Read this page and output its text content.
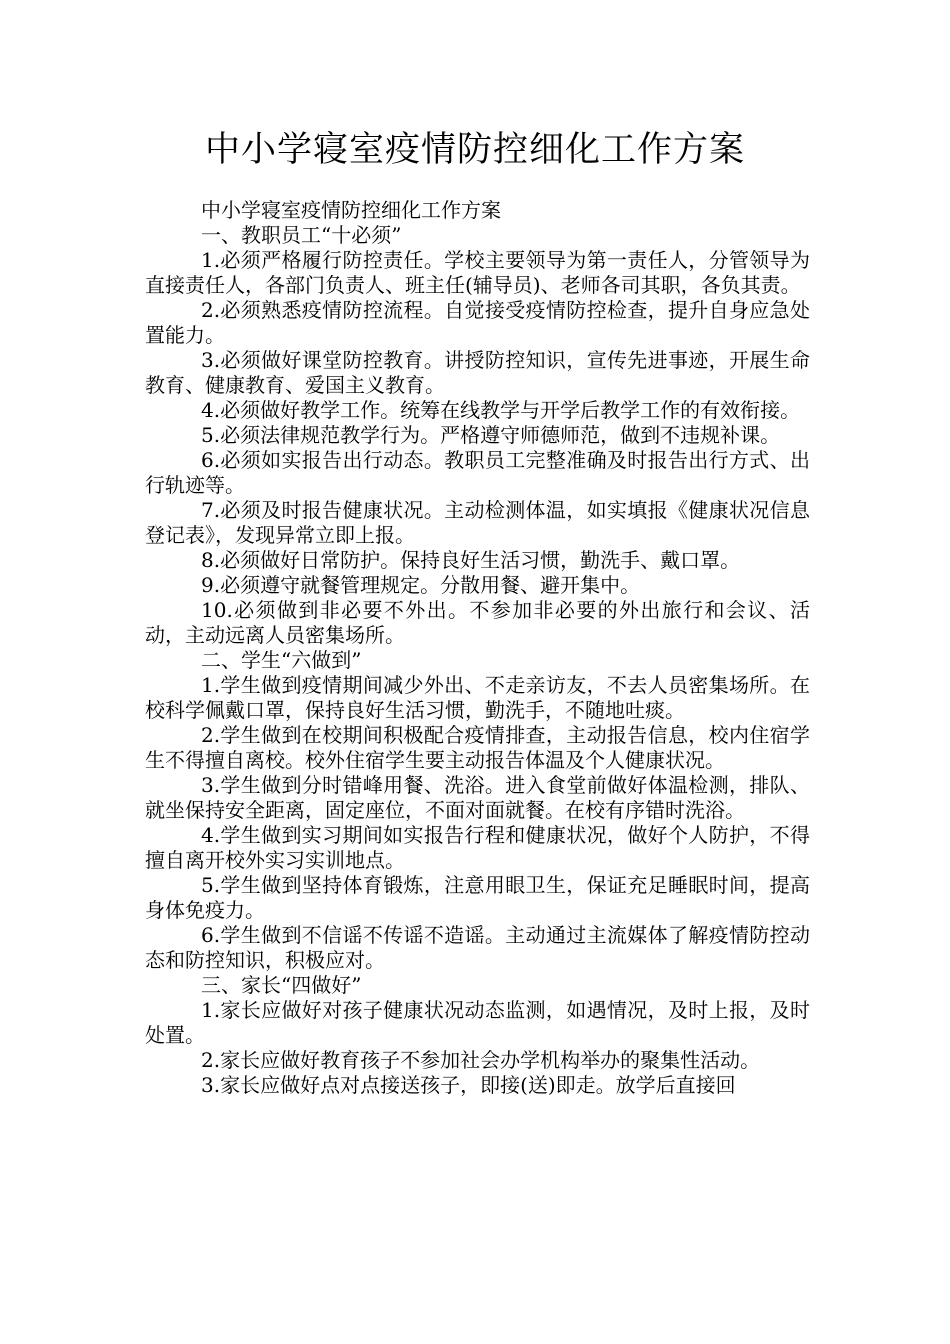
中小学寝室疫情防控细化工作方案

中小学寝室疫情防控细化工作方案

一、教职员工“十必须”

1.必须严格履行防控责任。学校主要领导为第一责任人，分管领导为直接责任人，各部门负责人、班主任(辅导员)、老师各司其职，各负其责。

2.必须熟悉疫情防控流程。自觉接受疫情防控检查，提升自身应急处置能力。

3.必须做好课堂防控教育。讲授防控知识，宣传先进事迹，开展生命教育、健康教育、爱国主义教育。

4.必须做好教学工作。统筹在线教学与开学后教学工作的有效衔接。

5.必须法律规范教学行为。严格遵守师德师范，做到不违规补课。

6.必须如实报告出行动态。教职员工完整准确及时报告出行方式、出行轨迹等。

7.必须及时报告健康状况。主动检测体温，如实填报《健康状况信息登记表》，发现异常立即上报。

8.必须做好日常防护。保持良好生活习惯，勤洗手、戴口罩。

9.必须遵守就餐管理规定。分散用餐、避开集中。

10.必须做到非必要不外出。不参加非必要的外出旅行和会议、活动，主动远离人员密集场所。

二、学生“六做到”

1.学生做到疫情期间减少外出、不走亲访友，不去人员密集场所。在校科学佩戴口罩，保持良好生活习惯，勤洗手，不随地吐痰。

2.学生做到在校期间积极配合疫情排查，主动报告信息，校内住宿学生不得擅自离校。校外住宿学生要主动报告体温及个人健康状况。

3.学生做到分时错峰用餐、洗浴。进入食堂前做好体温检测，排队、就坐保持安全距离，固定座位，不面对面就餐。在校有序错时洗浴。

4.学生做到实习期间如实报告行程和健康状况，做好个人防护，不得擅自离开校外实习实训地点。

5.学生做到坚持体育锻炼，注意用眼卫生，保证充足睡眠时间，提高身体免疫力。

6.学生做到不信谣不传谣不造谣。主动通过主流媒体了解疫情防控动态和防控知识，积极应对。

三、家长“四做好”

1.家长应做好对孩子健康状况动态监测，如遇情况，及时上报，及时处置。

2.家长应做好教育孩子不参加社会办学机构举办的聚集性活动。

3.家长应做好点对点接送孩子，即接(送)即走。放学后直接回
